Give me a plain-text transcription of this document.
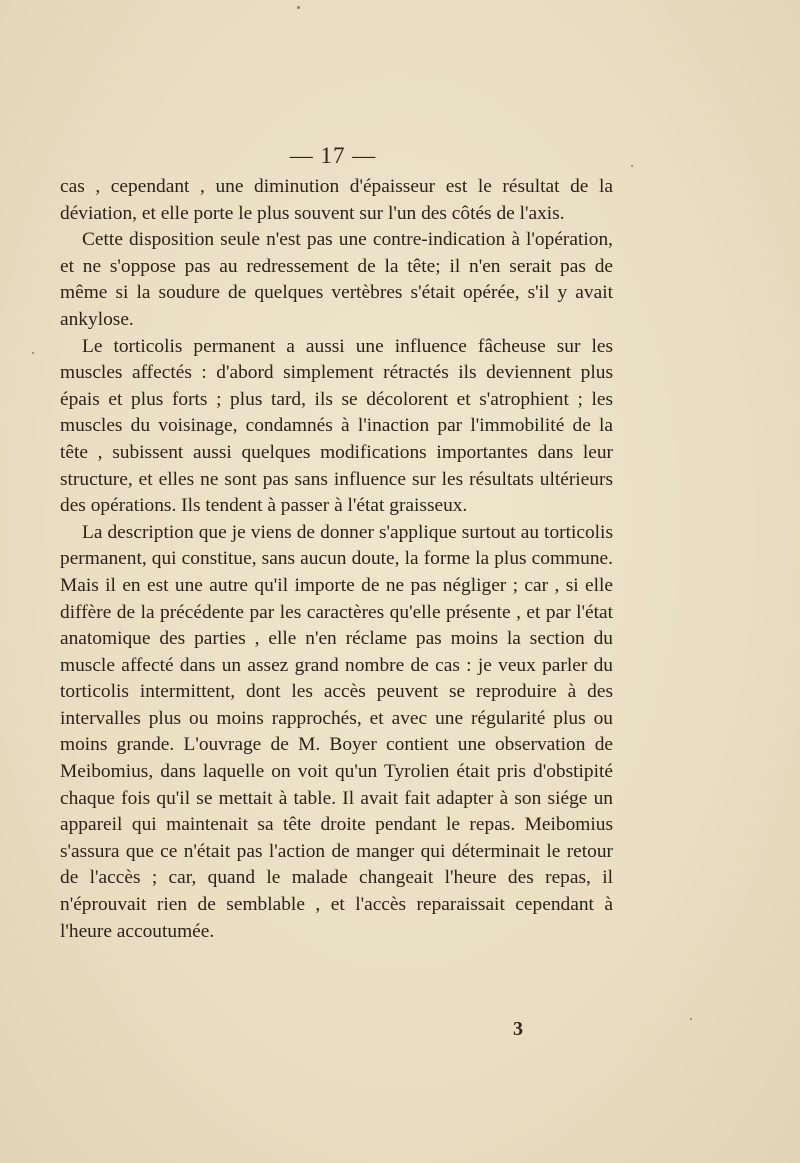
— 17 —

cas , cependant , une diminution d'épaisseur est le résultat de la déviation, et elle porte le plus souvent sur l'un des côtés de l'axis.

Cette disposition seule n'est pas une contre-indication à l'opération, et ne s'oppose pas au redressement de la tête; il n'en serait pas de même si la soudure de quelques vertèbres s'était opérée, s'il y avait ankylose.

Le torticolis permanent a aussi une influence fâcheuse sur les muscles affectés : d'abord simplement rétractés ils deviennent plus épais et plus forts ; plus tard, ils se décolorent et s'atrophient ; les muscles du voisinage, condamnés à l'inaction par l'immobilité de la tête , subissent aussi quelques modifications importantes dans leur structure, et elles ne sont pas sans influence sur les résultats ultérieurs des opérations. Ils tendent à passer à l'état graisseux.

La description que je viens de donner s'applique surtout au torticolis permanent, qui constitue, sans aucun doute, la forme la plus commune. Mais il en est une autre qu'il importe de ne pas négliger ; car , si elle diffère de la précédente par les caractères qu'elle présente , et par l'état anatomique des parties , elle n'en réclame pas moins la section du muscle affecté dans un assez grand nombre de cas : je veux parler du torticolis intermittent, dont les accès peuvent se reproduire à des intervalles plus ou moins rapprochés, et avec une régularité plus ou moins grande. L'ouvrage de M. Boyer contient une observation de Meibomius, dans laquelle on voit qu'un Tyrolien était pris d'obstipité chaque fois qu'il se mettait à table. Il avait fait adapter à son siége un appareil qui maintenait sa tête droite pendant le repas. Meibomius s'assura que ce n'était pas l'action de manger qui déterminait le retour de l'accès ; car, quand le malade changeait l'heure des repas, il n'éprouvait rien de semblable , et l'accès reparaissait cependant à l'heure accoutumée.

3
